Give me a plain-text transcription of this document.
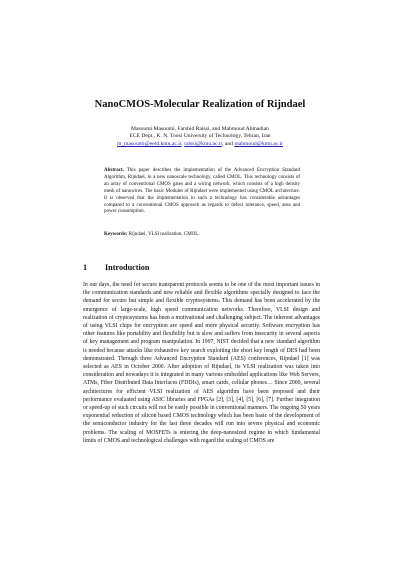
NanoCMOS-Molecular Realization of Rijndael
Masoumi Masoumi, Farshid Raissi, and Mahmoud Ahmadian
ECE Dept., K. N. Toosi University of Technology, Tehran, Iran
m_masoumi@eetd.kntu.ac.ir, raissi@kntu.ac.ir, and mahmoud@kntu.ac.ir
Abstract. This paper describes the implementation of the Advanced Encryption Standard Algorithm, Rijndael, in a new nanoscale technology, called CMOL. This technology consists of an array of conventional CMOS gates and a wiring network, which consists of a high density mesh of nanowires. The basic Modules of Rijndael were implemented using CMOL architecture. It is observed that the implementation in such a technology has considerable advantages compared to a conventional CMOS approach as regards to defect tolerance, speed, area and power consumption.
Keywords: Rijndael, VLSI realization, CMOL.
1 Introduction
In our days, the need for secure transparent protocols seems to be one of the most important issues in the communication standards and new reliable and flexible algorithms specially designed to face the demand for secure but simple and flexible cryptosystems. This demand has been accelerated by the emergence of large-scale, high speed communication networks. Therefore, VLSI design and realization of cryptosystems has been a motivational and challenging subject. The inherent advantages of using VLSI chips for encryption are speed and more physical security. Software encryption has other features like portability and flexibility but is slow and suffers from insecurity in several aspects of key management and program manipulation. In 1997, NIST decided that a new standard algorithm is needed because attacks like exhaustive key search exploiting the short key length of DES had been demonstrated. Through three Advanced Encryption Standard (AES) conferences, Rijndael [1] was selected as AES in October 2000. After adoption of Rijndael, its VLSI realization was taken into consideration and nowadays it is integrated in many various embedded applications like Web Servers, ATMs, Fiber Distributed Data Interfaces (FDDIs), smart cards, cellular phones… Since 2000, several architectures for efficient VLSI realization of AES algorithm have been proposed and their performance evaluated using ASIC libraries and FPGAs [2], [3], [4], [5], [6], [7]. Further integration or speed-up of such circuits will not be easily possible in conventional manners. The ongoing 50 years exponential reduction of silicon based CMOS technology which has been basic of the development of the semiconductor industry for the last three decades will run into severe physical and economic problems. The scaling of MOSFETs is entering the deep-nanosized regime in which fundamental limits of CMOS and technological challenges with regard the scaling of CMOS are
